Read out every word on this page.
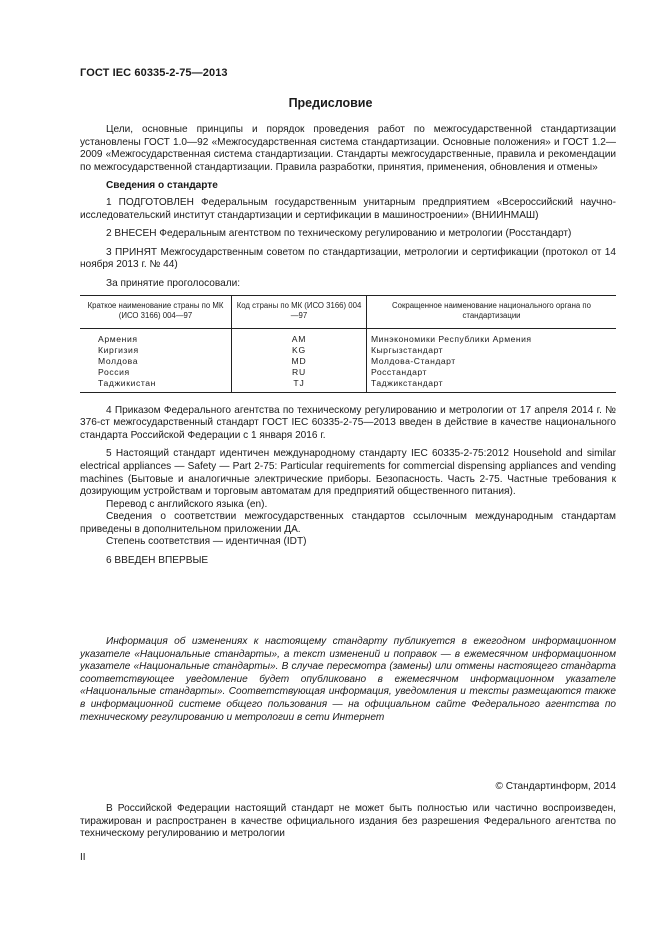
ГОСТ IEC 60335-2-75—2013
Предисловие

Цели, основные принципы и порядок проведения работ по межгосударственной стандартизации установлены ГОСТ 1.0—92 «Межгосударственная система стандартизации. Основные положения» и ГОСТ 1.2—2009 «Межгосударственная система стандартизации. Стандарты межгосударственные, правила и рекомендации по межгосударственной стандартизации. Правила разработки, принятия, применения, обновления и отмены»

Сведения о стандарте

1 ПОДГОТОВЛЕН Федеральным государственным унитарным предприятием «Всероссийский научно-исследовательский институт стандартизации и сертификации в машиностроении» (ВНИИНМАШ)

2 ВНЕСЕН Федеральным агентством по техническому регулированию и метрологии (Росстандарт)

3 ПРИНЯТ Межгосударственным советом по стандартизации, метрологии и сертификации (протокол от 14 ноября 2013 г. № 44)

За принятие проголосовали:

Краткое наименование страны по МК (ИСО 3166) 004—97	Код страны по МК (ИСО 3166) 004—97	Сокращенное наименование национального органа по стандартизации
Армения	AM	Минэкономики Республики Армения
Киргизия	KG	Кыргызстандарт
Молдова	MD	Молдова-Стандарт
Россия	RU	Росстандарт
Таджикистан	TJ	Таджикстандарт

4 Приказом Федерального агентства по техническому регулированию и метрологии от 17 апреля 2014 г. № 376-ст межгосударственный стандарт ГОСТ IEC 60335-2-75—2013 введен в действие в качестве национального стандарта Российской Федерации с 1 января 2016 г.

5 Настоящий стандарт идентичен международному стандарту IEC 60335-2-75:2012 Household and similar electrical appliances — Safety — Part 2-75: Particular requirements for commercial dispensing appliances and vending machines (Бытовые и аналогичные электрические приборы. Безопасность. Часть 2-75. Частные требования к дозирующим устройствам и торговым автоматам для предприятий общественного питания).

Перевод с английского языка (en).

Сведения о соответствии межгосударственных стандартов ссылочным международным стандартам приведены в дополнительном приложении ДА.

Степень соответствия — идентичная (IDT)

6 ВВЕДЕН ВПЕРВЫЕ

Информация об изменениях к настоящему стандарту публикуется в ежегодном информационном указателе «Национальные стандарты», а текст изменений и поправок — в ежемесячном информационном указателе «Национальные стандарты». В случае пересмотра (замены) или отмены настоящего стандарта соответствующее уведомление будет опубликовано в ежемесячном информационном указателе «Национальные стандарты». Соответствующая информация, уведомления и тексты размещаются также в информационной системе общего пользования — на официальном сайте Федерального агентства по техническому регулированию и метрологии в сети Интернет

© Стандартинформ, 2014

В Российской Федерации настоящий стандарт не может быть полностью или частично воспроизведен, тиражирован и распространен в качестве официального издания без разрешения Федерального агентства по техническому регулированию и метрологии

II
